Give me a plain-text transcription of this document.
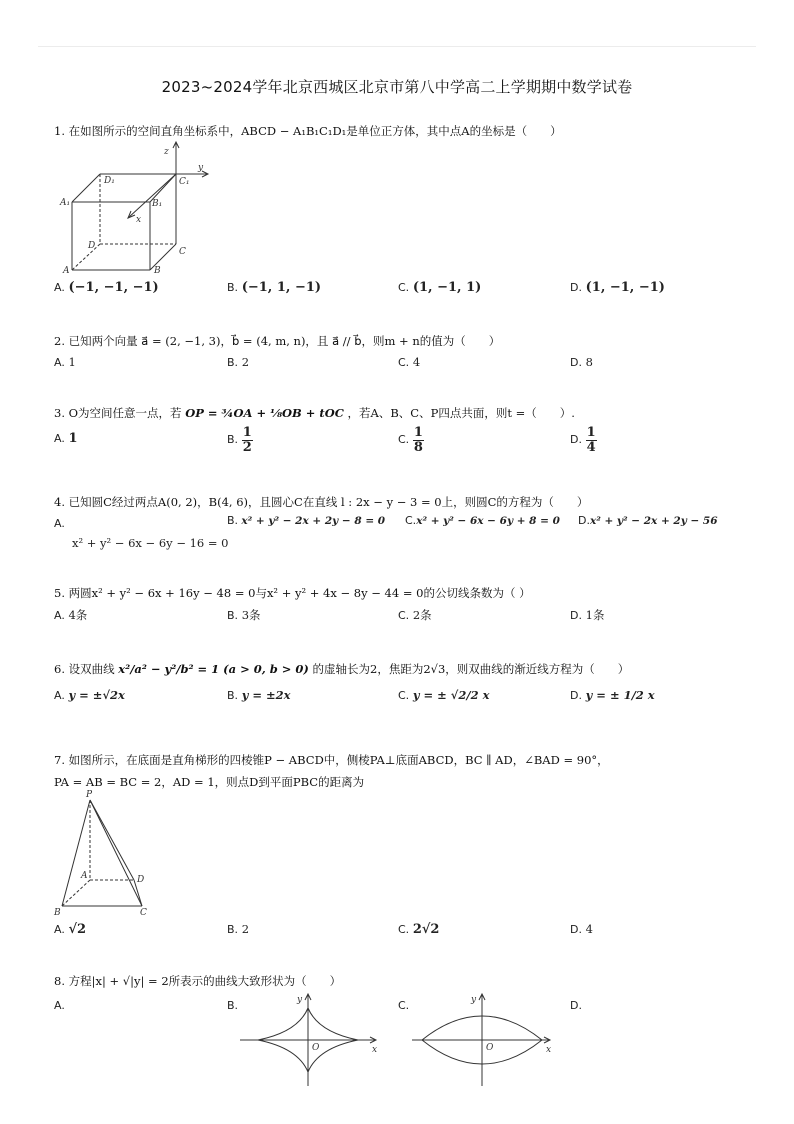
2023~2024学年北京西城区北京市第八中学高二上学期期中数学试卷
1. 在如图所示的空间直角坐标系中，ABCD − A₁B₁C₁D₁是单位正方体，其中点A的坐标是（　　）
z
y
x
D₁	C₁
A₁	B₁
D
C
A	B
A. (−1, −1, −1)	B. (−1, 1, −1)	C. (1, −1, 1)	D. (1, −1, −1)
2. 已知两个向量 a⃗ = (2, −1, 3)，b⃗ = (4, m, n)，且 a⃗ // b⃗，则m + n的值为（　　）
A. 1	B. 2	C. 4	D. 8
3. O为空间任意一点，若 OP = ¾OA + ⅛OB + tOC ，若A、B、C、P四点共面，则t =（　　）.
A. 1	B. $\frac{1}{2}$	C. $\frac{1}{8}$	D. $\frac{1}{4}$
4. 已知圆C经过两点A(0, 2)，B(4, 6)，且圆心C在直线 l : 2x − y − 3 = 0上，则圆C的方程为（　　）
A.	B. x² + y² − 2x + 2y − 8 = 0 C.x² + y² − 6x − 6y + 8 = 0 D.x² + y² − 2x + 2y − 56
x² + y² − 6x − 6y − 16 = 0
5. 两圆x² + y² − 6x + 16y − 48 = 0与x² + y² + 4x − 8y − 44 = 0的公切线条数为（ ）
A. 4条	B. 3条	C. 2条	D. 1条
6. 设双曲线 x²/a² − y²/b² = 1 (a > 0, b > 0) 的虚轴长为2，焦距为2√3，则双曲线的渐近线方程为（　　）
A. y = ±√2x	B. y = ±2x	C. y = ± √2/2 x	D. y = ± 1/2 x
7. 如图所示，在底面是直角梯形的四棱锥P − ABCD中，侧棱PA⊥底面ABCD，BC ∥ AD，∠BAD = 90°，
PA = AB = BC = 2，AD = 1，则点D到平面PBC的距离为
P
A	D
B	C
A. √2	B. 2	C. 2√2	D. 4
8. 方程|x| + √|y| = 2所表示的曲线大致形状为（　　）
A.	B.	C.	D.
y
O	x
y
O	x
